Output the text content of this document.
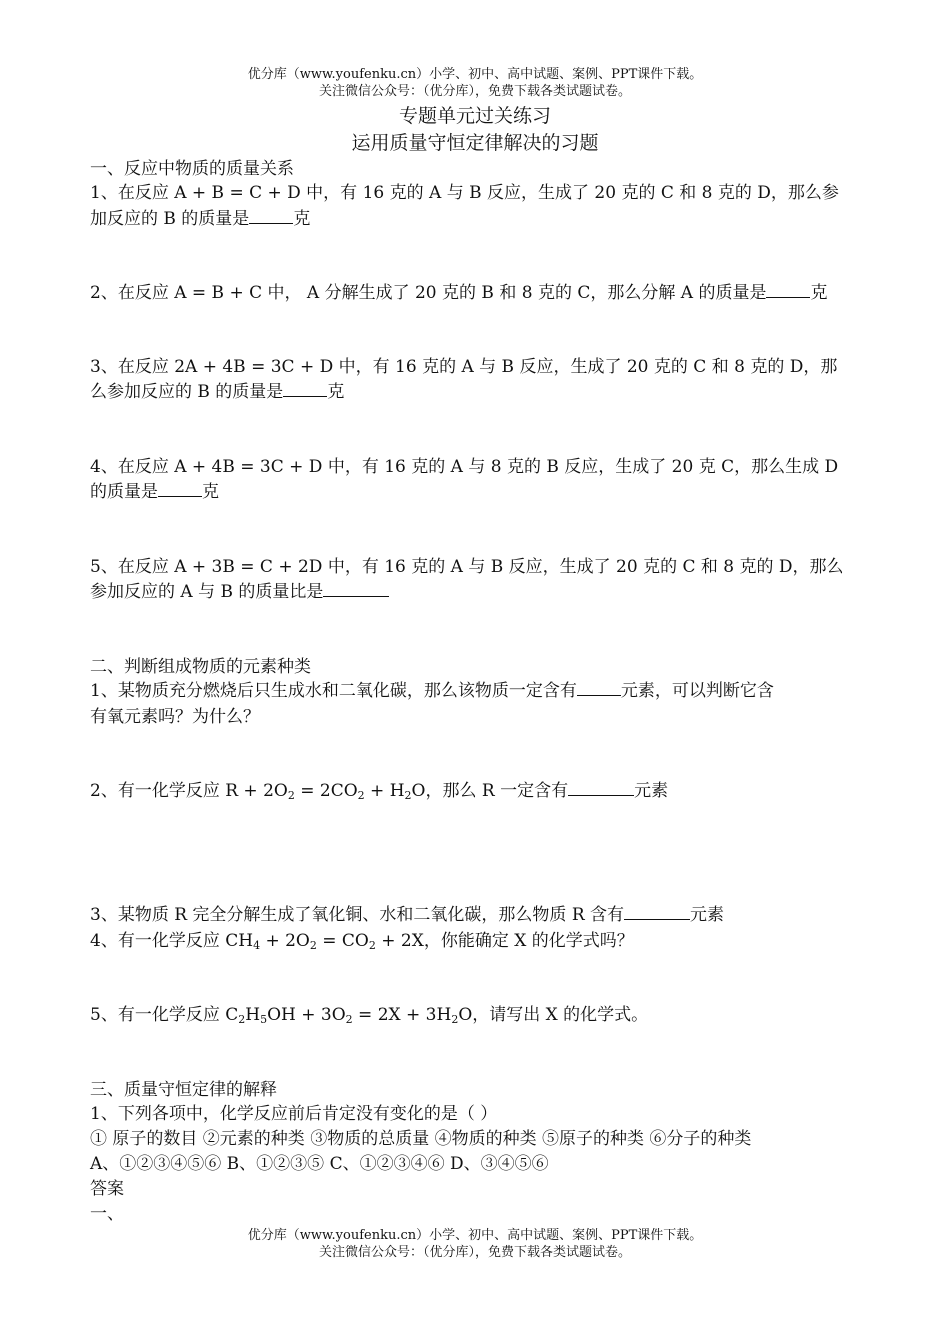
优分库（www.youfenku.cn）小学、初中、高中试题、案例、PPT课件下载。
关注微信公众号：（优分库），免费下载各类试题试卷。
专题单元过关练习
运用质量守恒定律解决的习题
一、反应中物质的质量关系
1、在反应 A + B = C + D 中，有 16 克的 A 与 B 反应，生成了 20 克的 C 和 8 克的 D，那么参
加反应的 B 的质量是	克
2、在反应 A = B + C 中， A 分解生成了 20 克的 B 和 8 克的 C，那么分解 A 的质量是	克
3、在反应 2A + 4B = 3C + D 中，有 16 克的 A 与 B 反应，生成了 20 克的 C 和 8 克的 D，那
么参加反应的 B 的质量是	克
4、在反应 A + 4B = 3C + D 中，有 16 克的 A 与 8 克的 B 反应，生成了 20 克 C，那么生成 D
的质量是	克
5、在反应 A + 3B = C + 2D 中，有 16 克的 A 与 B 反应，生成了 20 克的 C 和 8 克的 D，那么
参加反应的 A 与 B 的质量比是
二、判断组成物质的元素种类
1、某物质充分燃烧后只生成水和二氧化碳，那么该物质一定含有	元素，可以判断它含
有氧元素吗？为什么？
2、有一化学反应 $R + 2O_2 = 2CO_2 + H_2O$，那么 R 一定含有	元素
3、某物质 R 完全分解生成了氧化铜、水和二氧化碳，那么物质 R 含有	元素
4、有一化学反应 $CH_4 + 2O_2 = CO_2 + 2X$，你能确定 X 的化学式吗？
5、有一化学反应 $C_2H_5OH + 3O_2 = 2X + 3H_2O$，请写出 X 的化学式。
三、质量守恒定律的解释
1、下列各项中，化学反应前后肯定没有变化的是（ ）
① 原子的数目 ②元素的种类 ③物质的总质量 ④物质的种类 ⑤原子的种类 ⑥分子的种类
A、①②③④⑤⑥ B、①②③⑤ C、①②③④⑥ D、③④⑤⑥
答案
一、
优分库（www.youfenku.cn）小学、初中、高中试题、案例、PPT课件下载。
关注微信公众号：（优分库），免费下载各类试题试卷。
